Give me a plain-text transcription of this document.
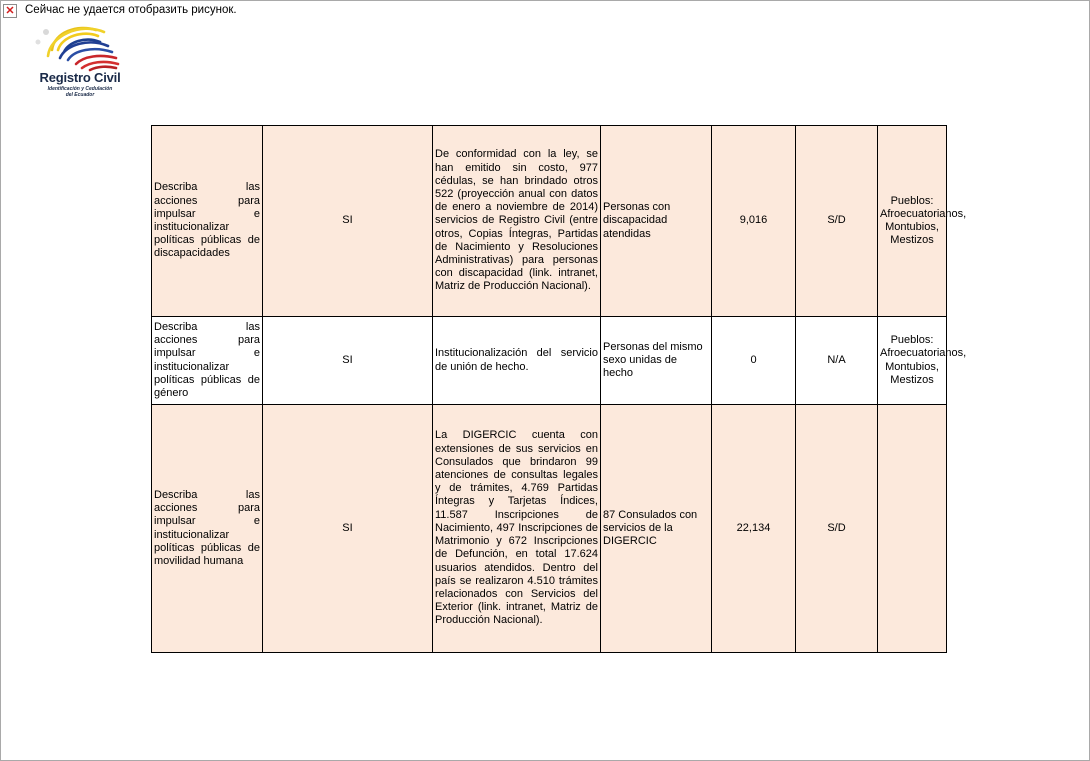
✕ Сейчас не удается отобразить рисунок.
Registro Civil
Identificación y Cedulación
del Ecuador
Describa las acciones para impulsar e institucionalizar políticas públicas de discapacidades	SI	De conformidad con la ley, se han emitido sin costo, 977 cédulas, se han brindado otros 522 (proyección anual con datos de enero a noviembre de 2014) servicios de Registro Civil (entre otros, Copias Íntegras, Partidas de Nacimiento y Resoluciones Administrativas) para personas con discapacidad (link. intranet, Matriz de Producción Nacional).	Personas con discapacidad atendidas	9,016	S/D	Pueblos: Afroecuatorianos, Montubios, Mestizos
Describa las acciones para impulsar e institucionalizar políticas públicas de género	SI	Institucionalización del servicio de unión de hecho.	Personas del mismo sexo unidas de hecho	0	N/A	Pueblos: Afroecuatorianos, Montubios, Mestizos
Describa las acciones para impulsar e institucionalizar políticas públicas de movilidad humana	SI	La DIGERCIC cuenta con extensiones de sus servicios en Consulados que brindaron 99 atenciones de consultas legales y de trámites, 4.769 Partidas Íntegras y Tarjetas Índices, 11.587 Inscripciones de Nacimiento, 497 Inscripciones de Matrimonio y 672 Inscripciones de Defunción, en total 17.624 usuarios atendidos. Dentro del país se realizaron 4.510 trámites relacionados con Servicios del Exterior (link. intranet, Matriz de Producción Nacional).	87 Consulados con servicios de la DIGERCIC	22,134	S/D	
